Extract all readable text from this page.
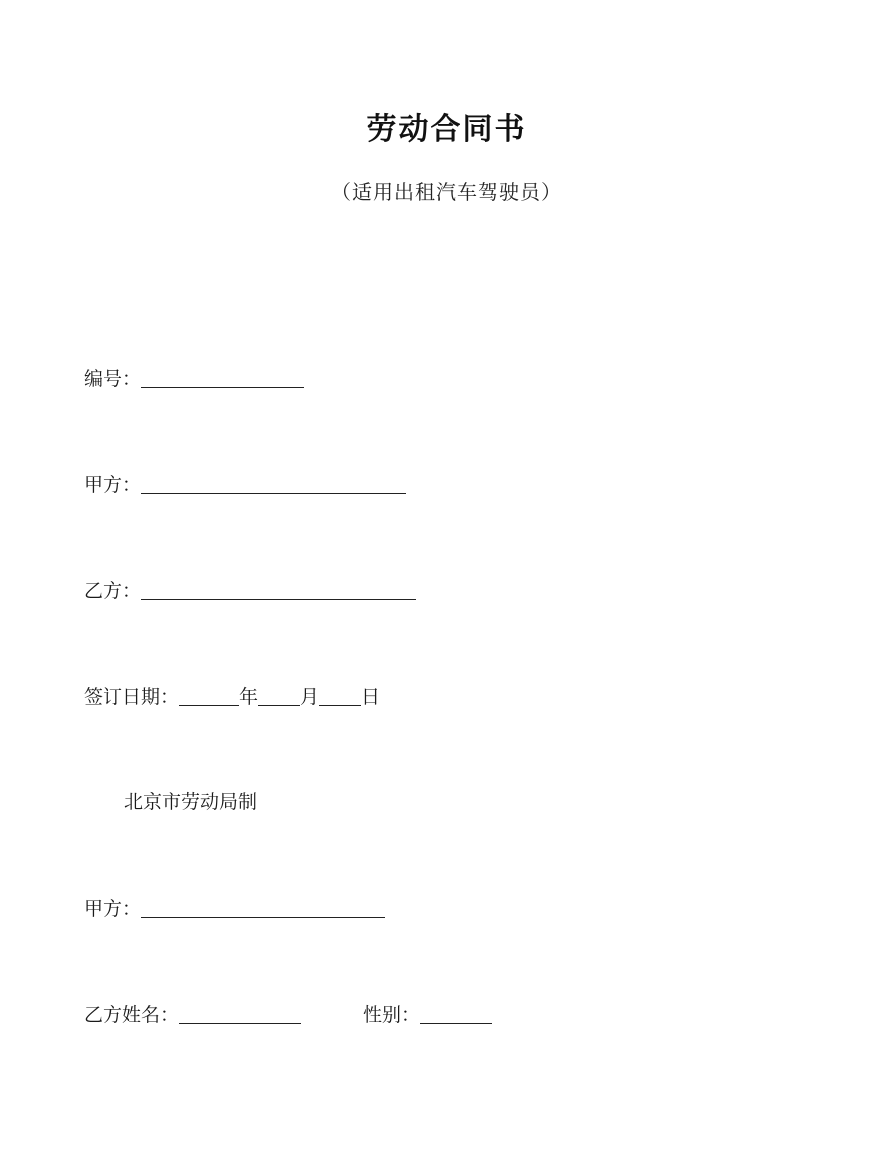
劳动合同书
（适用出租汽车驾驶员）
编号：
甲方：
乙方：
签订日期：	年 月 日
北京市劳动局制
甲方：
乙方姓名：	性别：
